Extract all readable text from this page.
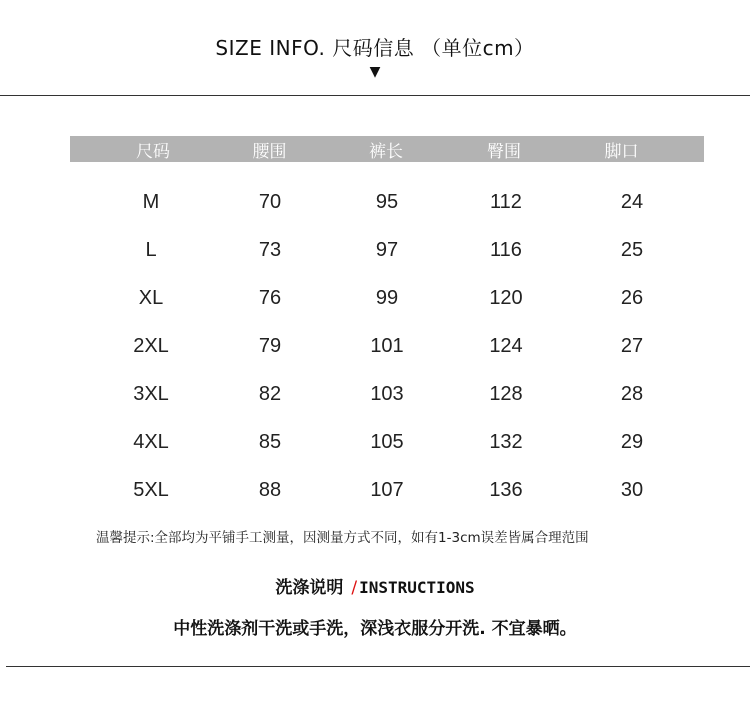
SIZE INFO. 尺码信息 （单位cm）
▼
尺码	腰围	裤长	臀围	脚口
M	70	95	112	24
L	73	97	116	25
XL	76	99	120	26
2XL	79	101	124	27
3XL	82	103	128	28
4XL	85	105	132	29
5XL	88	107	136	30
温馨提示:全部均为平铺手工测量，因测量方式不同，如有1-3cm误差皆属合理范围
洗涤说明 / INSTRUCTIONS
中性洗涤剂干洗或手洗，深浅衣服分开洗. 不宜暴晒。
